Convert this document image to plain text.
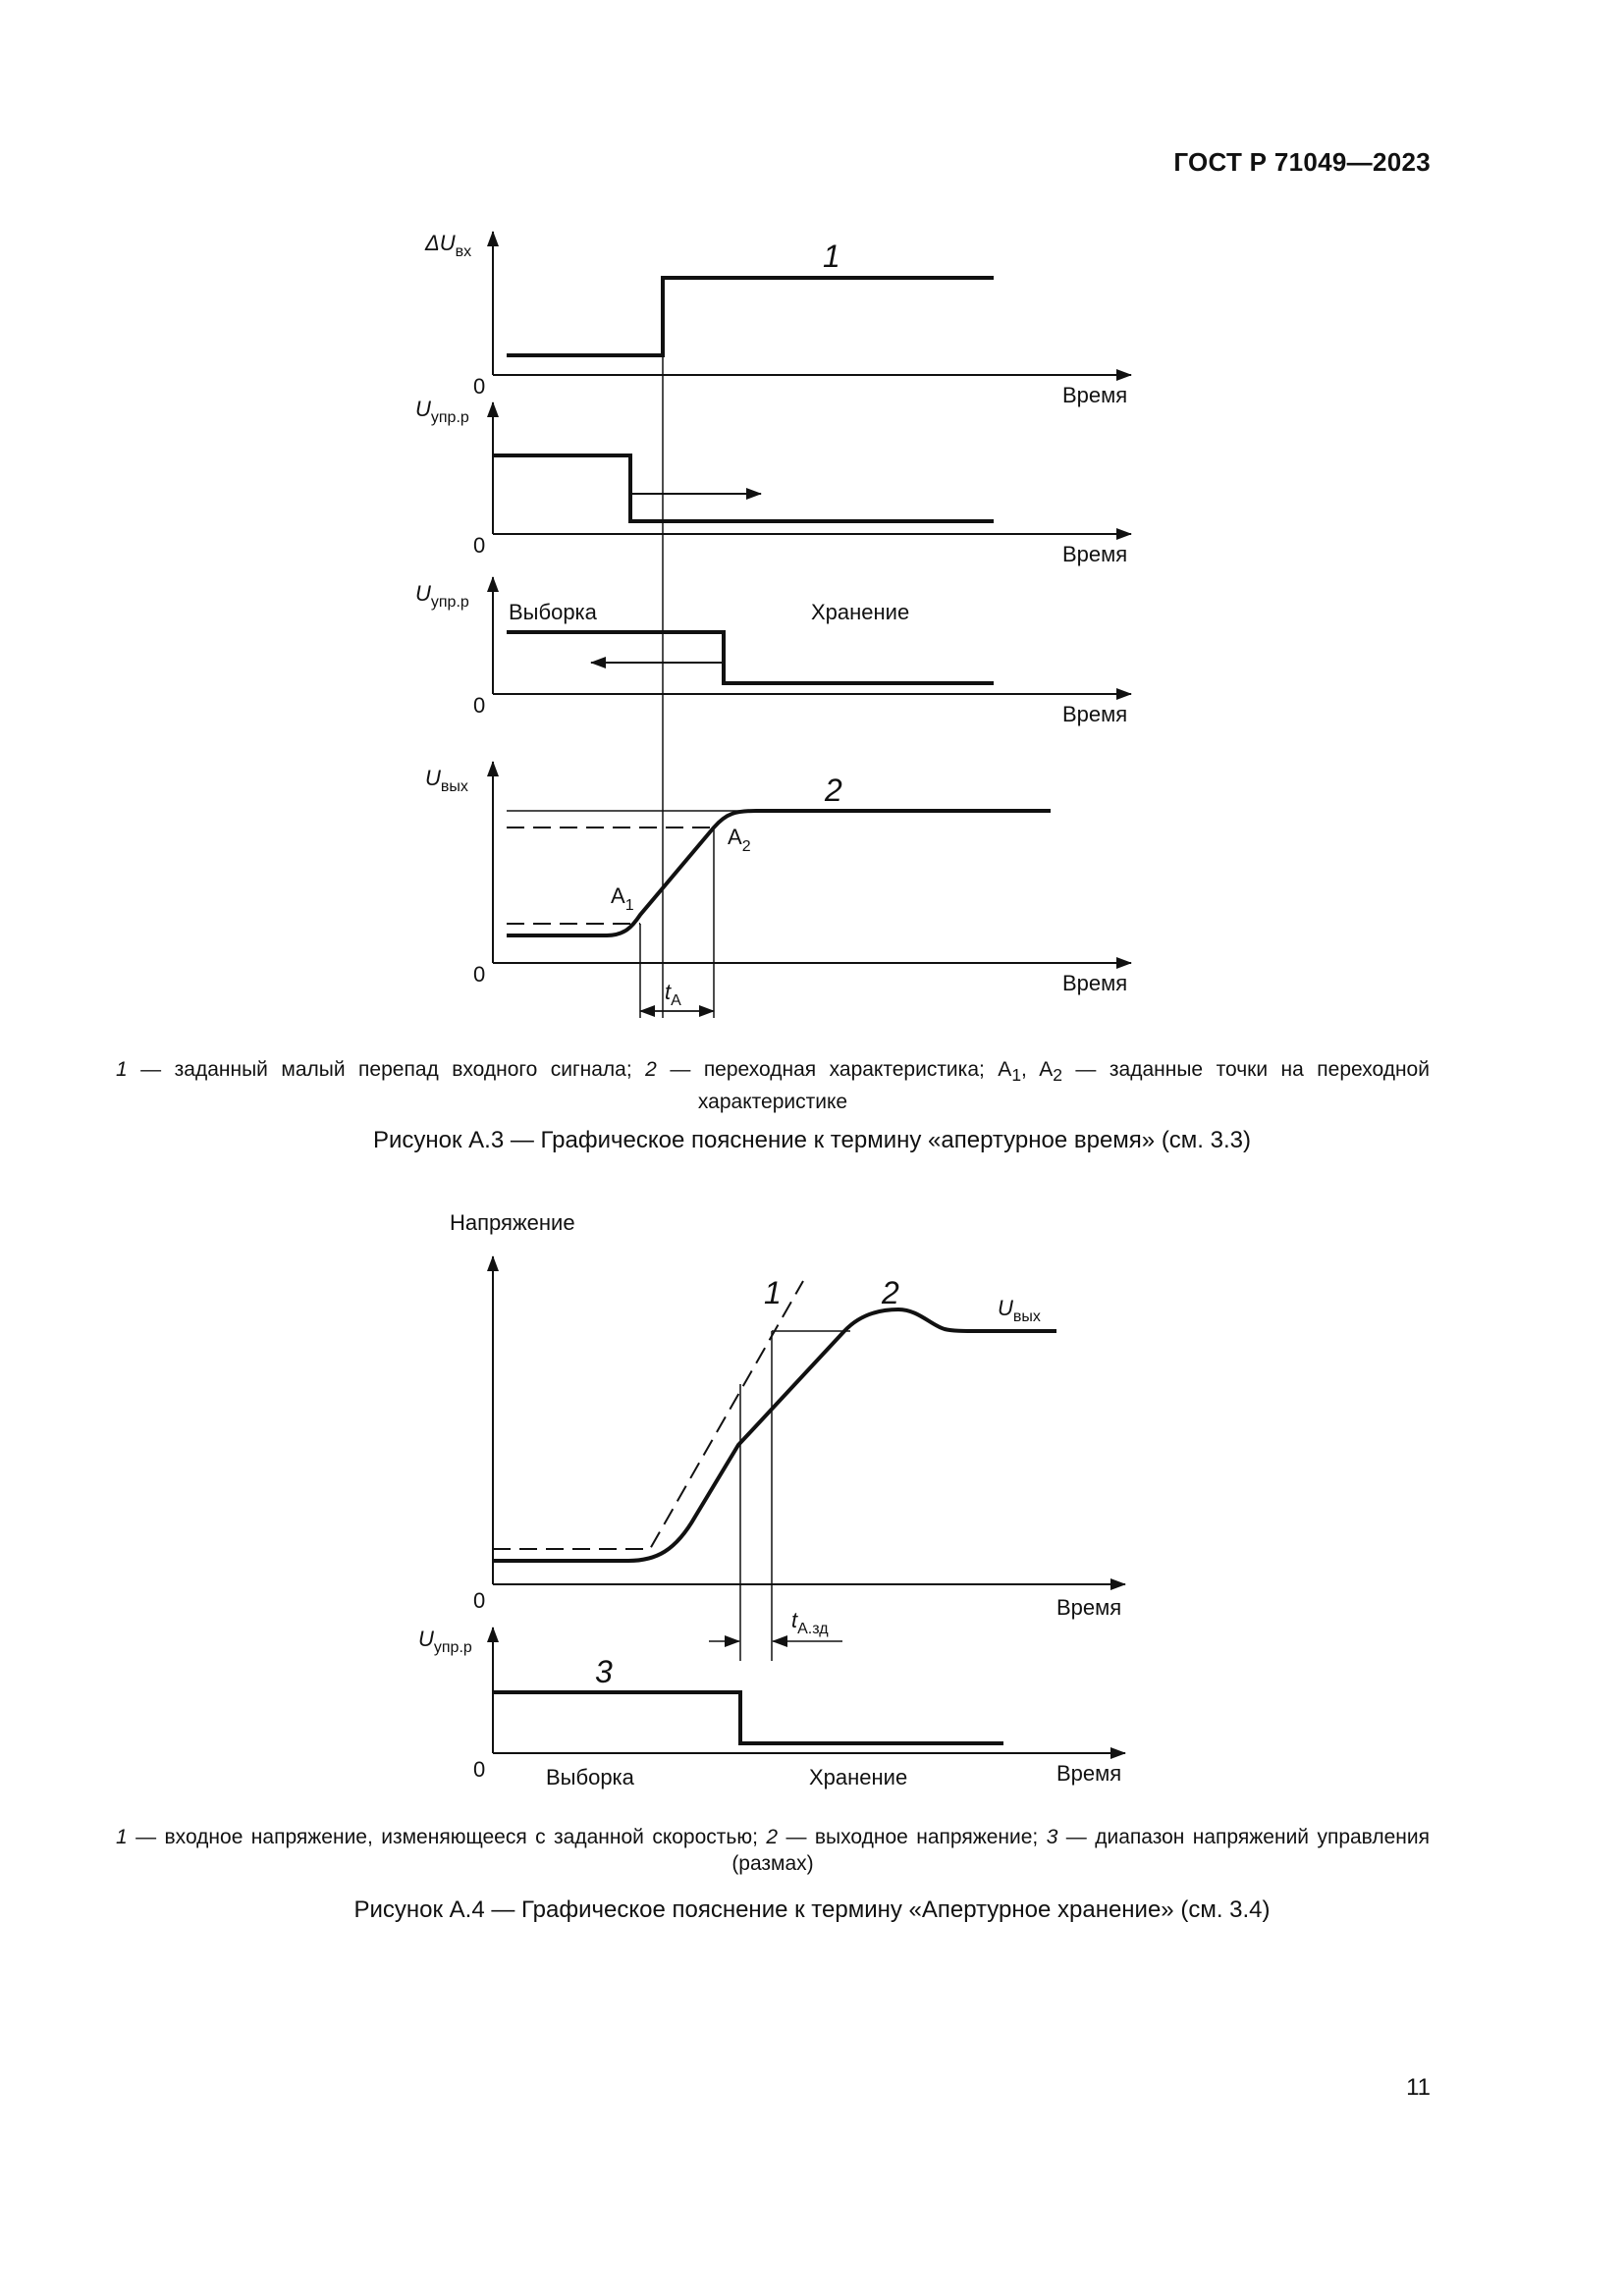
ГОСТ Р 71049—2023
$\Delta U_{вх}$
0	Время
1
$U_{упр.р}$
0	Время
$U_{упр.р}$
0	Время
Выборка	Хранение
$U_{вых}$
0	Время
$t_A$
$A_1$
$A_2$
2
Напряжение
0	Время
$t_{А.зд}$
1	2	$U_{вых}$
$U_{упр.р}$
0	Время
3
Выборка	Хранение
1 — заданный малый перепад входного сигнала; 2 — переходная характеристика; $A_1$, $A_2$ — заданные точки на переходной характеристике
Рисунок А.3 — Графическое пояснение к термину «апертурное время» (см. 3.3)
1 — входное напряжение, изменяющееся с заданной скоростью; 2 — выходное напряжение; 3 — диапазон напряжений управления (размах)
Рисунок А.4 — Графическое пояснение к термину «Апертурное хранение» (см. 3.4)
11
